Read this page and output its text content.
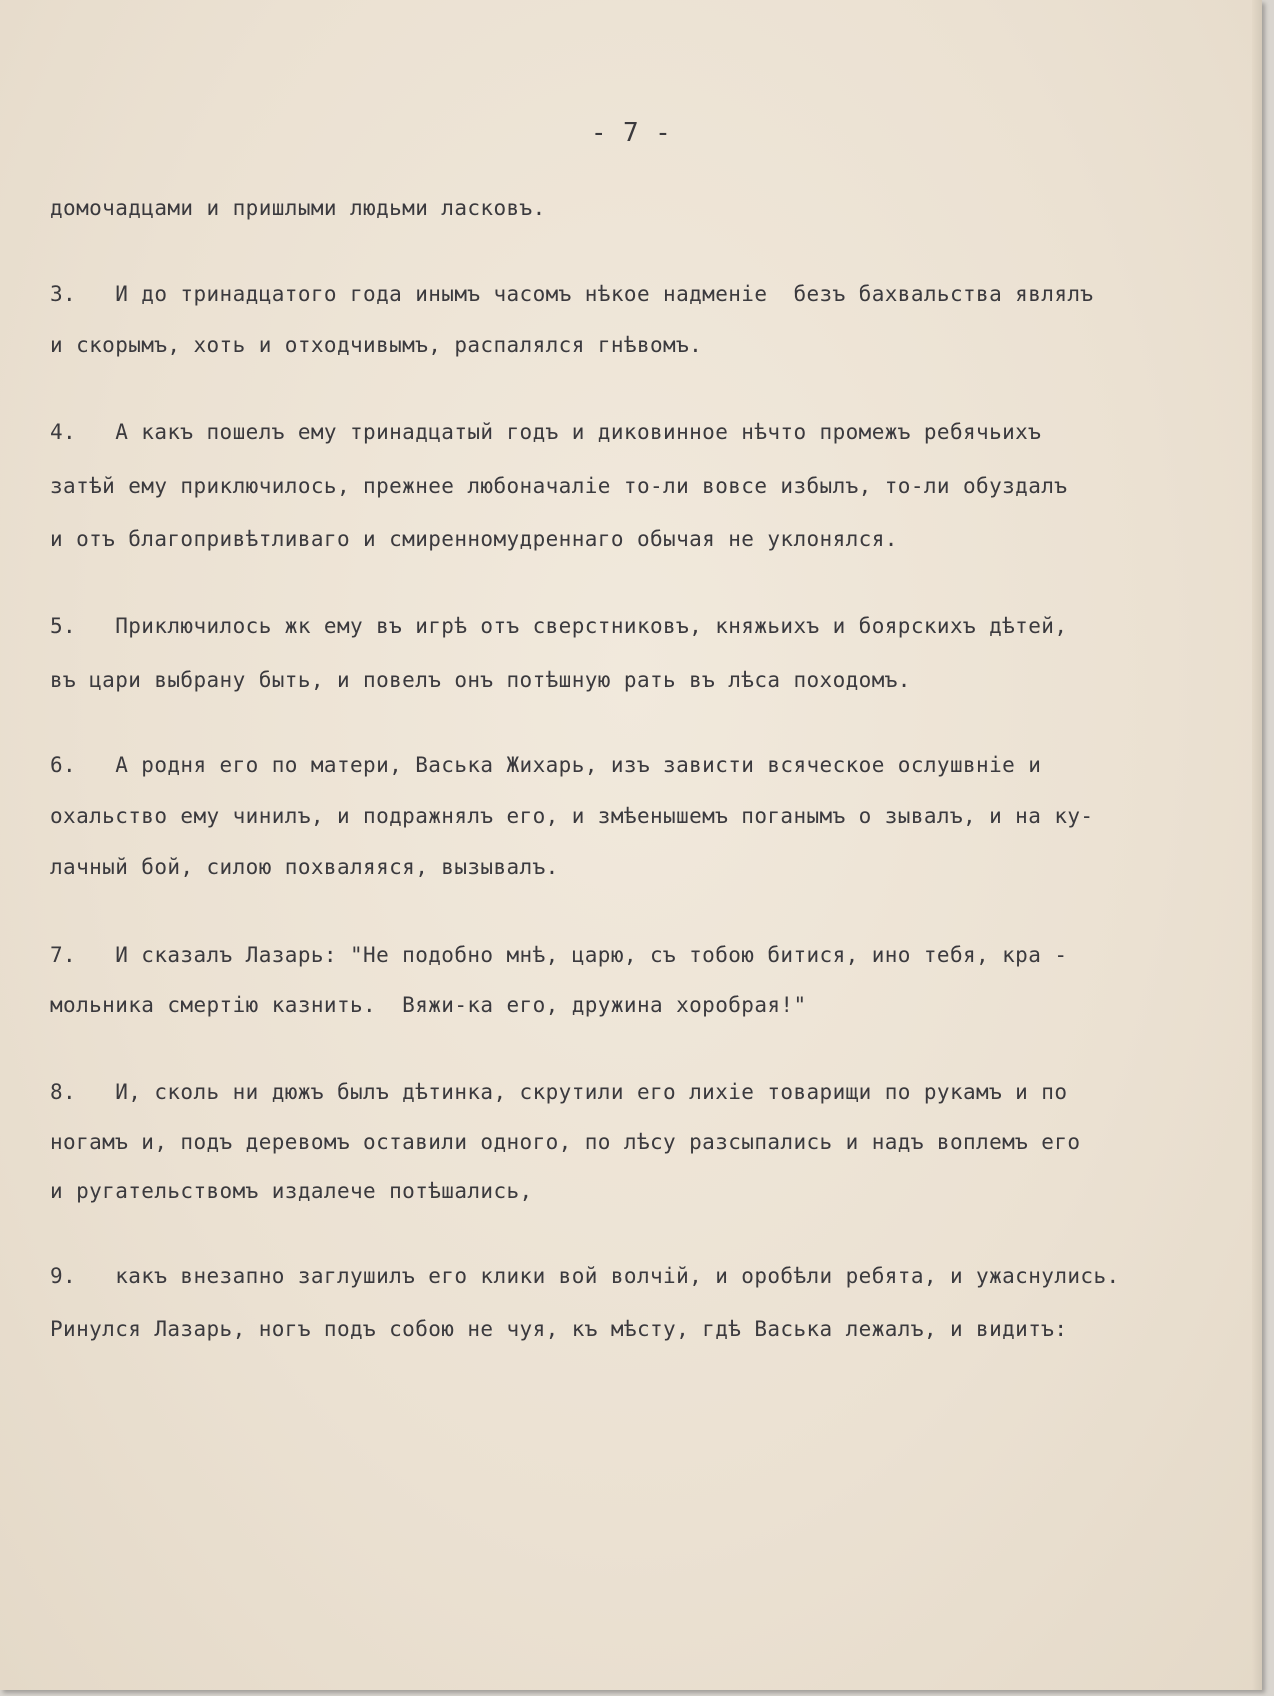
- 7 -
домочадцами и пришлыми людьми ласковъ.
3.   И до тринадцатого года инымъ часомъ нѣкое надменіе  безъ бахвальства являлъ
и скорымъ, хоть и отходчивымъ, распалялся гнѣвомъ.
4.   А какъ пошелъ ему тринадцатый годъ и диковинное нѣчто промежъ ребячьихъ
затѣй ему приключилось, прежнее любоначаліе то-ли вовсе избылъ, то-ли обуздалъ
и отъ благопривѣтливаго и смиренномудреннаго обычая не уклонялся.
5.   Приключилось жк ему въ игрѣ отъ сверстниковъ, княжьихъ и боярскихъ дѣтей,
въ цари выбрану быть, и повелъ онъ потѣшную рать въ лѣса походомъ.
6.   А родня его по матери, Васька Жихарь, изъ зависти всяческое ослушвніе и
охальство ему чинилъ, и подражнялъ его, и змѣенышемъ поганымъ о зывалъ, и на ку-
лачный бой, силою похваляяся, вызывалъ.
7.   И сказалъ Лазарь: "Не подобно мнѣ, царю, съ тобою битися, ино тебя, кра -
мольника смертію казнить.  Вяжи-ка его, дружина хоробрая!"
8.   И, сколь ни дюжъ былъ дѣтинка, скрутили его лихіе товарищи по рукамъ и по
ногамъ и, подъ деревомъ оставили одного, по лѣсу разсыпались и надъ воплемъ его
и ругательствомъ издалече потѣшались,
9.   какъ внезапно заглушилъ его клики вой волчій, и оробѣли ребята, и ужаснулись.
Ринулся Лазарь, ногъ подъ собою не чуя, къ мѣсту, гдѣ Васька лежалъ, и видитъ:
